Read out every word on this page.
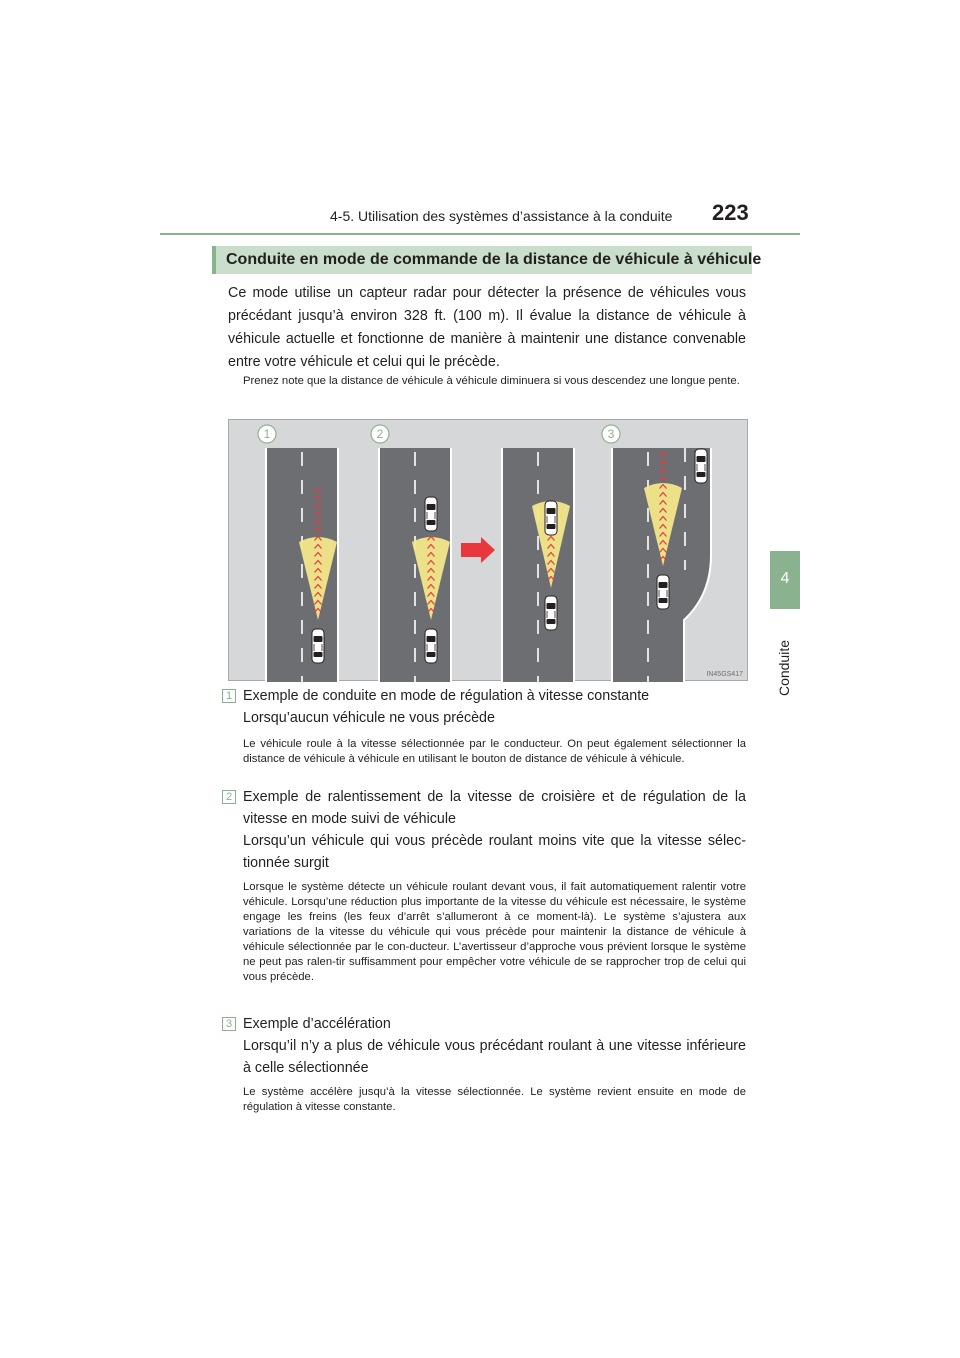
4-5. Utilisation des systèmes d’assistance à la conduite 223
4
Conduite
Conduite en mode de commande de la distance de véhicule à véhicule
Ce mode utilise un capteur radar pour détecter la présence de véhicules vous précédant jusqu’à environ 328 ft. (100 m). Il évalue la distance de véhicule à véhicule actuelle et fonctionne de manière à maintenir une distance convenable entre votre véhicule et celui qui le précède.
Prenez note que la distance de véhicule à véhicule diminuera si vous descendez une longue pente.
1	2	3
IN45GS417
1 Exemple de conduite en mode de régulation à vitesse constante
Lorsqu’aucun véhicule ne vous précède
Le véhicule roule à la vitesse sélectionnée par le conducteur. On peut également sélectionner la distance de véhicule à véhicule en utilisant le bouton de distance de véhicule à véhicule.
2 Exemple de ralentissement de la vitesse de croisière et de régulation de la vitesse en mode suivi de véhicule
Lorsqu’un véhicule qui vous précède roulant moins vite que la vitesse sélec-tionnée surgit
Lorsque le système détecte un véhicule roulant devant vous, il fait automatiquement ralentir votre véhicule. Lorsqu’une réduction plus importante de la vitesse du véhicule est nécessaire, le système engage les freins (les feux d’arrêt s’allumeront à ce moment-là). Le système s’ajustera aux variations de la vitesse du véhicule qui vous précède pour maintenir la distance de véhicule à véhicule sélectionnée par le con-ducteur. L’avertisseur d’approche vous prévient lorsque le système ne peut pas ralen-tir suffisamment pour empêcher votre véhicule de se rapprocher trop de celui qui vous précède.
3 Exemple d’accélération
Lorsqu’il n’y a plus de véhicule vous précédant roulant à une vitesse inférieure à celle sélectionnée
Le système accélère jusqu’à la vitesse sélectionnée. Le système revient ensuite en mode de régulation à vitesse constante.
